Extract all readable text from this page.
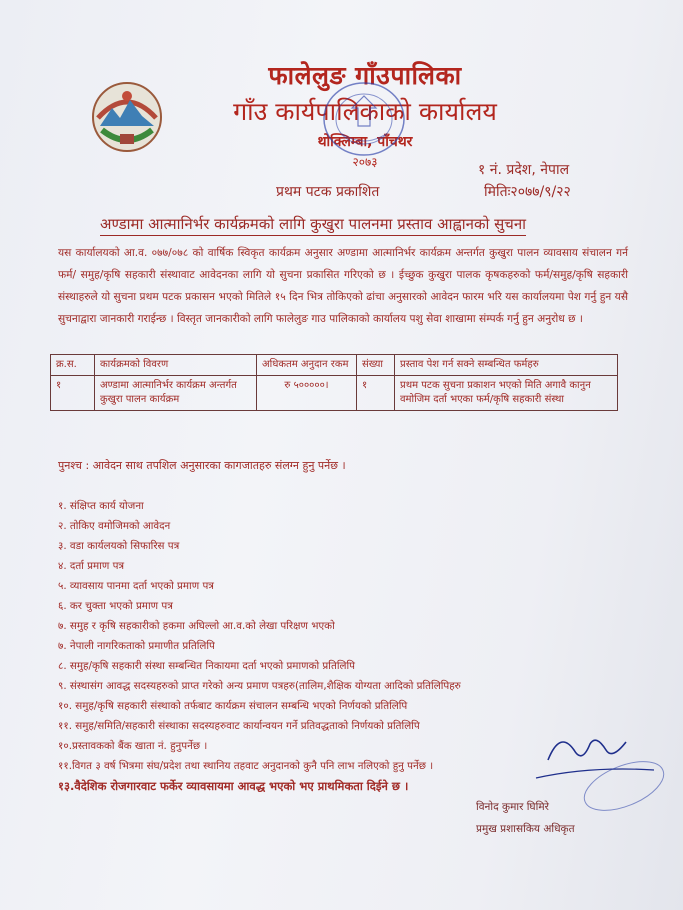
फालेलुङ गाँउपालिका
गाँउ कार्यपालिकाको कार्यालय
थोक्लिम्बा, पाँचथर
२०७३	१ नं. प्रदेश, नेपाल
प्रथम पटक प्रकाशित	मितिः२०७७/९/२२
अण्डामा आत्मानिर्भर कार्यक्रमको लागि कुखुरा पालनमा प्रस्ताव आह्वानको सुचना
यस कार्यालयको आ.व. ०७७/०७८ को वार्षिक स्विकृत कार्यक्रम अनुसार अण्डामा आत्मानिर्भर कार्यक्रम अन्तर्गत कुखुरा पालन व्यावसाय संचालन गर्न फर्म/ समुह/कृषि सहकारी संस्थावाट आवेदनका लागि यो सुचना प्रकासित गरिएको छ । ईच्छुक कुखुरा पालक कृषकहरुको फर्म/समुह/कृषि सहकारी संस्थाहरुले यो सुचना प्रथम पटक प्रकासन भएको मितिले १५ दिन भित्र तोकिएको ढांचा अनुसारको आवेदन फारम भरि यस कार्यालयमा पेश गर्नु हुन यसै सुचनाद्वारा जानकारी गराईन्छ । विस्तृत जानकारीको लागि फालेलुङ गाउ पालिकाको कार्यालय पशु सेवा शाखामा संम्पर्क गर्नु हुन अनुरोध छ ।
क्र.स.	कार्यक्रमको विवरण	अधिकतम अनुदान रकम	संख्या	प्रस्ताव पेश गर्न सक्ने सम्बन्धित फर्महरु
१	अण्डामा आत्मानिर्भर कार्यक्रम अन्तर्गत कुखुरा पालन कार्यक्रम	रु ५०००००।	१	प्रथम पटक सुचना प्रकाशन भएको मिति अगावै कानुन वमोजिम दर्ता भएका फर्म/कृषि सहकारी संस्था
पुनश्च : आवेदन साथ तपशिल अनुसारका कागजातहरु संलग्न हुनु पर्नेछ ।
१. संक्षिप्त कार्य योजना
२. तोकिए वमोजिमको आवेदन
३. वडा कार्यलयको सिफारिस पत्र
४. दर्ता प्रमाण पत्र
५. व्यावसाय पानमा दर्ता भएको प्रमाण पत्र
६. कर चुक्ता भएको प्रमाण पत्र
७. समुह र कृषि सहकारीको हकमा अघिल्लो आ.व.को लेखा परिक्षण भएको
७. नेपाली नागरिकताको प्रमाणीत प्रतिलिपि
८. समुह/कृषि सहकारी संस्था सम्बन्धित निकायमा दर्ता भएको प्रमाणको प्रतिलिपि
९. संस्थासंग आवद्ध सदस्यहरुको प्राप्त गरेको अन्य प्रमाण पत्रहरु(तालिम,शैक्षिक योग्यता आदिको प्रतिलिपिहरु
१०. समुह/कृषि सहकारी संस्थाको तर्फबाट कार्यक्रम संचालन सम्बन्धि भएको निर्णयको प्रतिलिपि
११. समुह/समिति/सहकारी संस्थाका सदस्यहरुवाट कार्यान्वयन गर्ने प्रतिवद्धताको निर्णयको प्रतिलिपि
१०.प्रस्तावकको बैंक खाता नं. हुनुपर्नेछ ।
११.विगत ३ वर्ष भित्रमा संघ/प्रदेश तथा स्थानिय तहवाट अनुदानको कुनै पनि लाभ नलिएको हुनु पर्नेछ ।
१३.वैदेशिक रोजगारवाट फर्केर व्यावसायमा आवद्ध भएको भए प्राथमिकता दिईने छ ।
विनोद कुमार घिमिरे
प्रमुख प्रशासकिय अधिकृत
